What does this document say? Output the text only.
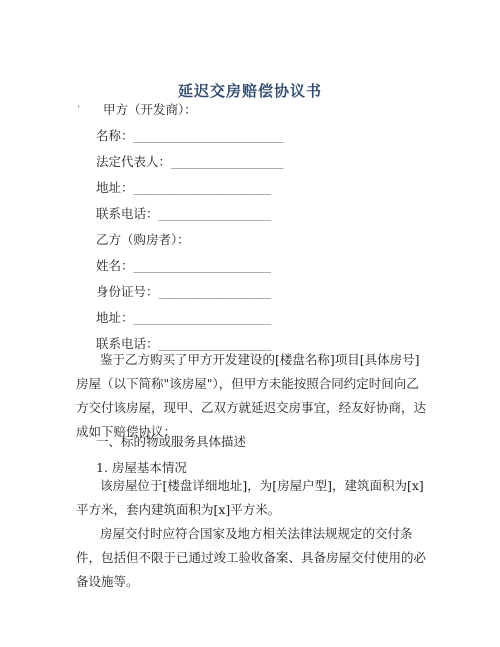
延迟交房赔偿协议书
· 甲方（开发商）：
名称：________________________
法定代表人：__________________
地址：______________________
联系电话：__________________
乙方（购房者）：
姓名：______________________
身份证号：__________________
地址：______________________
联系电话：__________________

鉴于乙方购买了甲方开发建设的[楼盘名称]项目[具体房号]房屋（以下简称"该房屋"），但甲方未能按照合同约定时间向乙方交付该房屋，现甲、乙双方就延迟交房事宜，经友好协商，达成如下赔偿协议：

一、标的物或服务具体描述
1. 房屋基本情况

该房屋位于[楼盘详细地址]，为[房屋户型]，建筑面积为[x]平方米，套内建筑面积为[x]平方米。

房屋交付时应符合国家及地方相关法律法规规定的交付条件，包括但不限于已通过竣工验收备案、具备房屋交付使用的必备设施等。
